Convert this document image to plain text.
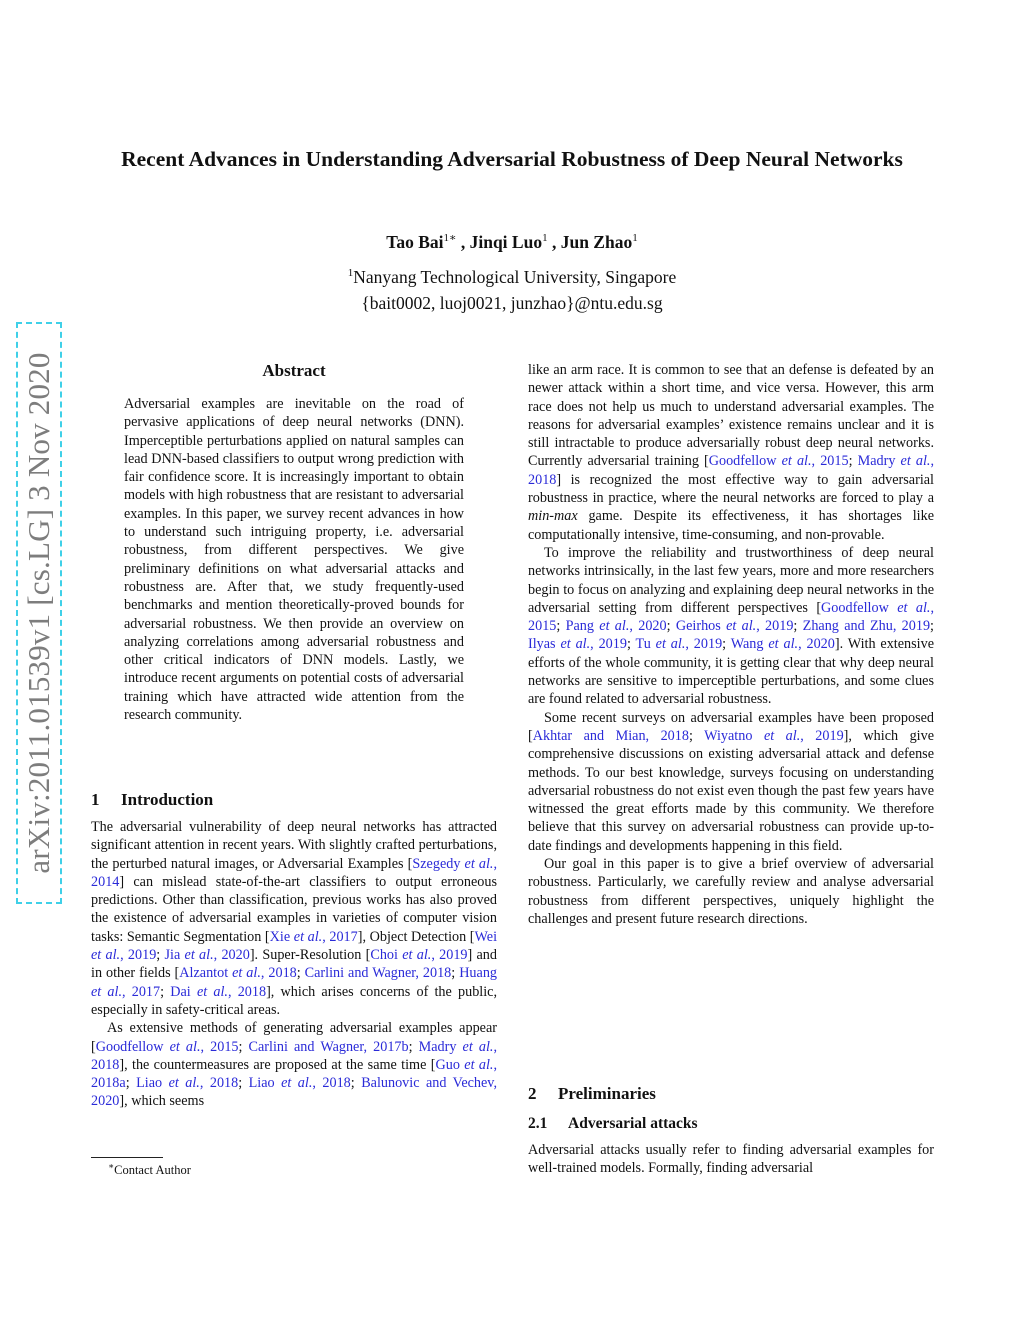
arXiv:2011.01539v1 [cs.LG] 3 Nov 2020
Recent Advances in Understanding Adversarial Robustness of Deep Neural Networks
Tao Bai$^{1∗}$ , Jinqi Luo$^1$ , Jun Zhao$^1$
$^1$Nanyang Technological University, Singapore
{bait0002, luoj0021, junzhao}@ntu.edu.sg
Abstract

Adversarial examples are inevitable on the road of pervasive applications of deep neural networks (DNN). Imperceptible perturbations applied on natural samples can lead DNN-based classifiers to output wrong prediction with fair confidence score. It is increasingly important to obtain models with high robustness that are resistant to adversarial examples. In this paper, we survey recent advances in how to understand such intriguing property, i.e. adversarial robustness, from different perspectives. We give preliminary definitions on what adversarial attacks and robustness are. After that, we study frequently-used benchmarks and mention theoretically-proved bounds for adversarial robustness. We then provide an overview on analyzing correlations among adversarial robustness and other critical indicators of DNN models. Lastly, we introduce recent arguments on potential costs of adversarial training which have attracted wide attention from the research community.

1 Introduction

The adversarial vulnerability of deep neural networks has attracted significant attention in recent years. With slightly crafted perturbations, the perturbed natural images, or Adversarial Examples [Szegedy et al., 2014] can mislead state-of-the-art classifiers to output erroneous predictions. Other than classification, previous works has also proved the existence of adversarial examples in varieties of computer vision tasks: Semantic Segmentation [Xie et al., 2017], Object Detection [Wei et al., 2019; Jia et al., 2020]. Super-Resolution [Choi et al., 2019] and in other fields [Alzantot et al., 2018; Carlini and Wagner, 2018; Huang et al., 2017; Dai et al., 2018], which arises concerns of the public, especially in safety-critical areas.

As extensive methods of generating adversarial examples appear [Goodfellow et al., 2015; Carlini and Wagner, 2017b; Madry et al., 2018], the countermeasures are proposed at the same time [Guo et al., 2018a; Liao et al., 2018; Liao et al., 2018; Balunovic and Vechev, 2020], which seems

∗Contact Author

like an arm race. It is common to see that an defense is defeated by an newer attack within a short time, and vice versa. However, this arm race does not help us much to understand adversarial examples. The reasons for adversarial examples’ existence remains unclear and it is still intractable to produce adversarially robust deep neural networks. Currently adversarial training [Goodfellow et al., 2015; Madry et al., 2018] is recognized the most effective way to gain adversarial robustness in practice, where the neural networks are forced to play a min-max game. Despite its effectiveness, it has shortages like computationally intensive, time-consuming, and non-provable.

To improve the reliability and trustworthiness of deep neural networks intrinsically, in the last few years, more and more researchers begin to focus on analyzing and explaining deep neural networks in the adversarial setting from different perspectives [Goodfellow et al., 2015; Pang et al., 2020; Geirhos et al., 2019; Zhang and Zhu, 2019; Ilyas et al., 2019; Tu et al., 2019; Wang et al., 2020]. With extensive efforts of the whole community, it is getting clear that why deep neural networks are sensitive to imperceptible perturbations, and some clues are found related to adversarial robustness.

Some recent surveys on adversarial examples have been proposed [Akhtar and Mian, 2018; Wiyatno et al., 2019], which give comprehensive discussions on existing adversarial attack and defense methods. To our best knowledge, surveys focusing on understanding adversarial robustness do not exist even though the past few years have witnessed the great efforts made by this community. We therefore believe that this survey on adversarial robustness can provide up-to-date findings and developments happening in this field.

Our goal in this paper is to give a brief overview of adversarial robustness. Particularly, we carefully review and analyse adversarial robustness from different perspectives, uniquely highlight the challenges and present future research directions.

2 Preliminaries
2.1 Adversarial attacks

Adversarial attacks usually refer to finding adversarial examples for well-trained models. Formally, finding adversarial
